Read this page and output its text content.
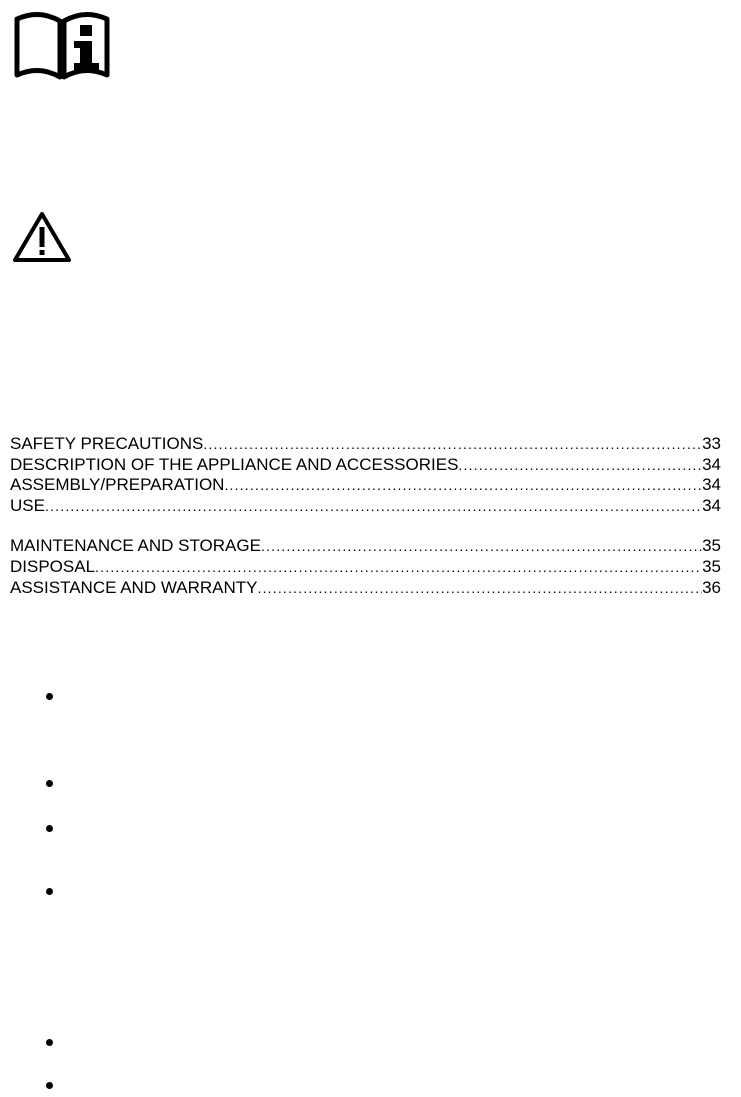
SAFETY PRECAUTIONS .....	33
DESCRIPTION OF THE APPLIANCE AND ACCESSORIES .....	34
ASSEMBLY/PREPARATION .....	34
USE .....	34
MAINTENANCE AND STORAGE .....	35
DISPOSAL .....	35
ASSISTANCE AND WARRANTY .....	36
